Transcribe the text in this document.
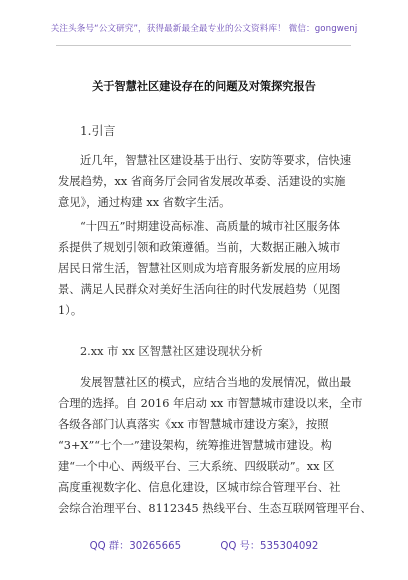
关注头条号“公文研究”，获得最新最全最专业的公文资料库！ 微信：gongwenj
关于智慧社区建设存在的问题及对策探究报告
1.引言

近几年，智慧社区建设基于出行、安防等要求，信快速
发展趋势，xx 省商务厅会同省发展改革委、活建设的实施
意见》，通过构建 xx 省数字生活。

“十四五”时期建设高标准、高质量的城市社区服务体
系提供了规划引领和政策遵循。当前，大数据正融入城市
居民日常生活，智慧社区则成为培育服务新发展的应用场
景、满足人民群众对美好生活向往的时代发展趋势（见图
1）。

2.xx 市 xx 区智慧社区建设现状分析

发展智慧社区的模式，应结合当地的发展情况，做出最
合理的选择。自 2016 年启动 xx 市智慧城市建设以来，全市
各级各部门认真落实《xx 市智慧城市建设方案》，按照
“3+X”“七个一”建设架构，统筹推进智慧城市建设。构
建“一个中心、两级平台、三大系统、四级联动”。xx 区
高度重视数字化、信息化建设，区城市综合管理平台、社
会综合治理平台、8112345 热线平台、生态互联网管理平台、

QQ 群：30265665	QQ 号：535304092
